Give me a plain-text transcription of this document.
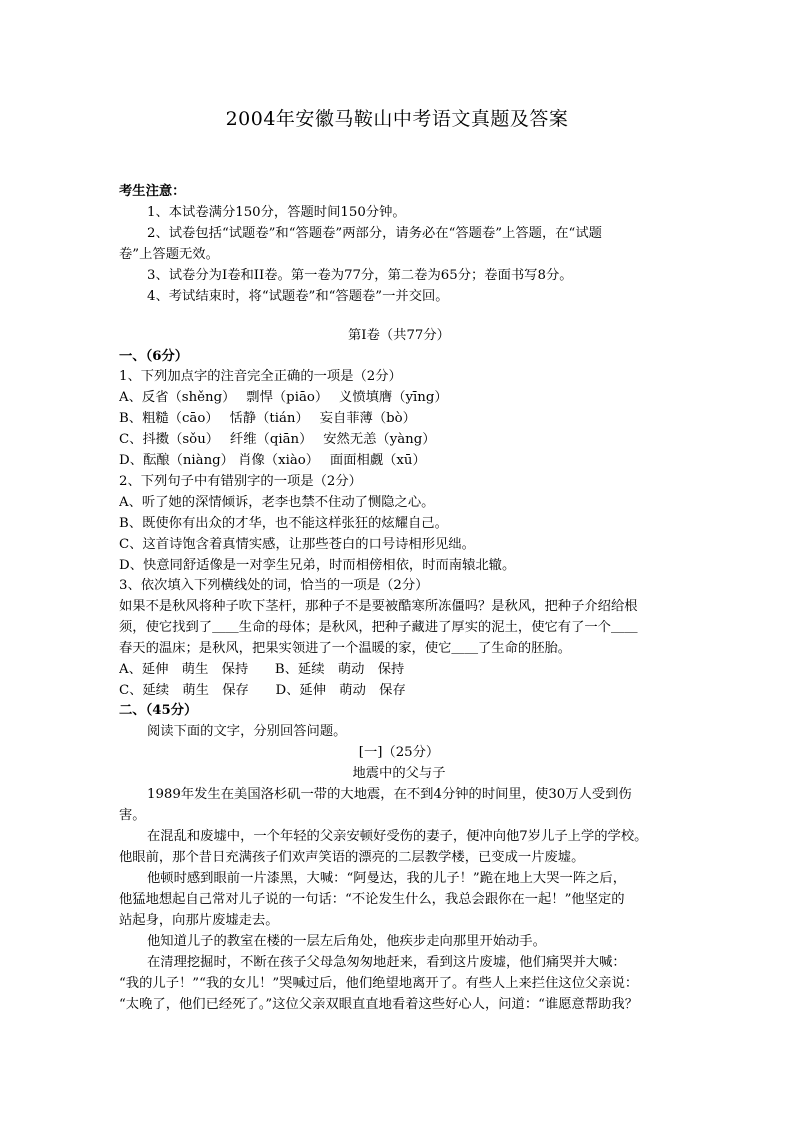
2004年安徽马鞍山中考语文真题及答案
考生注意：
1、本试卷满分150分，答题时间150分钟。
2、试卷包括“试题卷”和“答题卷”两部分，请务必在“答题卷”上答题，在“试题
卷”上答题无效。
3、试卷分为I卷和II卷。第一卷为77分，第二卷为65分；卷面书写8分。
4、考试结束时，将“试题卷”和“答题卷”一并交回。
第I卷（共77分）
一、（6分）
1、下列加点字的注音完全正确的一项是（2分）
A、反省（shěng）　 剽悍（piāo）　 义愤填膺（yīng）
B、粗糙（cāo）　 恬静（tián）　 妄自菲薄（bò）
C、抖擞（sǒu）　 纤维（qiān）　 安然无恙（yàng）
D、酝酿（niàng） 肖像（xiào）　 面面相觑（xū）
2、下列句子中有错别字的一项是（2分）
A、听了她的深情倾诉，老李也禁不住动了恻隐之心。
B、既使你有出众的才华，也不能这样张狂的炫耀自己。
C、这首诗饱含着真情实感，让那些苍白的口号诗相形见绌。
D、快意同舒适像是一对孪生兄弟，时而相傍相依，时而南辕北辙。
3、依次填入下列横线处的词，恰当的一项是（2分）
如果不是秋风将种子吹下茎杆，那种子不是要被酷寒所冻僵吗？是秋风，把种子介绍给根
须，使它找到了＿＿生命的母体；是秋风，把种子藏进了厚实的泥土，使它有了一个＿＿
春天的温床；是秋风，把果实领进了一个温暖的家，使它＿＿了生命的胚胎。
A、延伸　萌生　保持　　B、延续　萌动　保持
C、延续　萌生　保存　　D、延伸　萌动　保存
二、（45分）
阅读下面的文字，分别回答问题。
[一]（25分）
地震中的父与子
1989年发生在美国洛杉矶一带的大地震，在不到4分钟的时间里，使30万人受到伤
害。
在混乱和废墟中，一个年轻的父亲安顿好受伤的妻子，便冲向他7岁儿子上学的学校。
他眼前，那个昔日充满孩子们欢声笑语的漂亮的二层教学楼，已变成一片废墟。
他顿时感到眼前一片漆黑，大喊：“阿曼达，我的儿子！”跪在地上大哭一阵之后，
他猛地想起自己常对儿子说的一句话：“不论发生什么，我总会跟你在一起！”他坚定的
站起身，向那片废墟走去。
他知道儿子的教室在楼的一层左后角处，他疾步走向那里开始动手。
在清理挖掘时，不断在孩子父母急匆匆地赶来，看到这片废墟，他们痛哭并大喊：
“我的儿子！”“我的女儿！”哭喊过后，他们绝望地离开了。有些人上来拦住这位父亲说：
“太晚了，他们已经死了。”这位父亲双眼直直地看着这些好心人，问道：“谁愿意帮助我？
